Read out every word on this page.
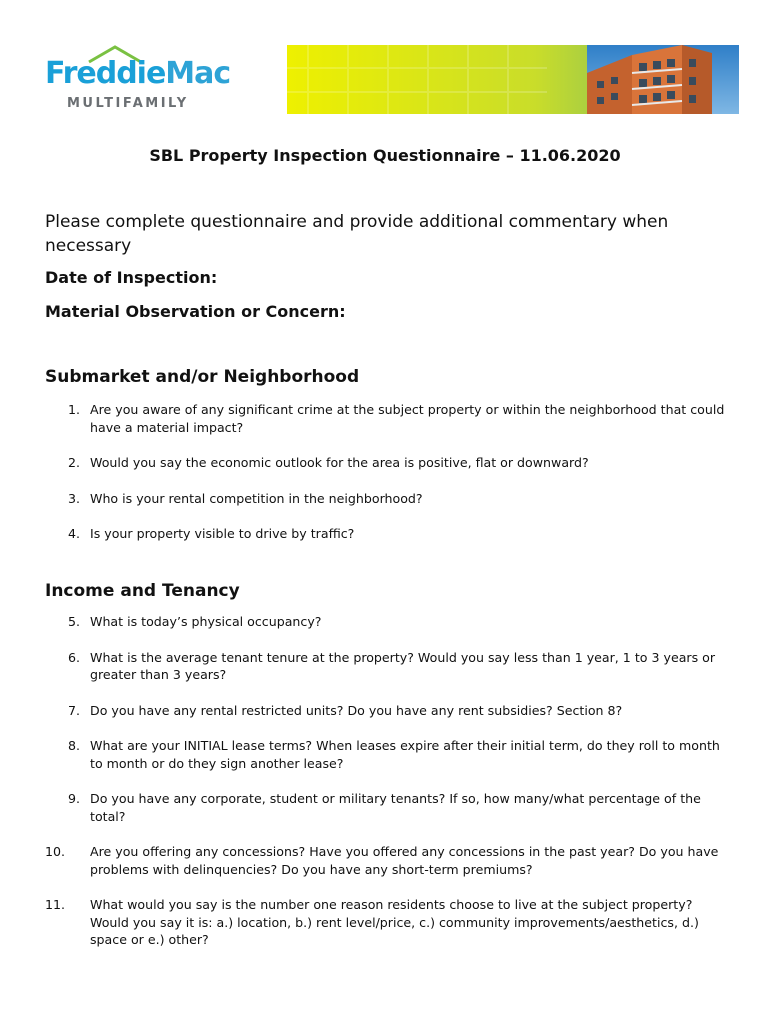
FreddieMac
MULTIFAMILY
SBL Property Inspection Questionnaire – 11.06.2020
Please complete questionnaire and provide additional commentary when necessary
Date of Inspection:
Material Observation or Concern:
Submarket and/or Neighborhood
1. Are you aware of any significant crime at the subject property or within the neighborhood that could have a material impact?
2. Would you say the economic outlook for the area is positive, flat or downward?
3. Who is your rental competition in the neighborhood?
4. Is your property visible to drive by traffic?
Income and Tenancy
5. What is today’s physical occupancy?
6. What is the average tenant tenure at the property? Would you say less than 1 year, 1 to 3 years or greater than 3 years?
7. Do you have any rental restricted units? Do you have any rent subsidies? Section 8?
8. What are your INITIAL lease terms? When leases expire after their initial term, do they roll to month to month or do they sign another lease?
9. Do you have any corporate, student or military tenants? If so, how many/what percentage of the total?
10. Are you offering any concessions? Have you offered any concessions in the past year? Do you have problems with delinquencies? Do you have any short-term premiums?
11. What would you say is the number one reason residents choose to live at the subject property? Would you say it is: a.) location, b.) rent level/price, c.) community improvements/aesthetics, d.) space or e.) other?
